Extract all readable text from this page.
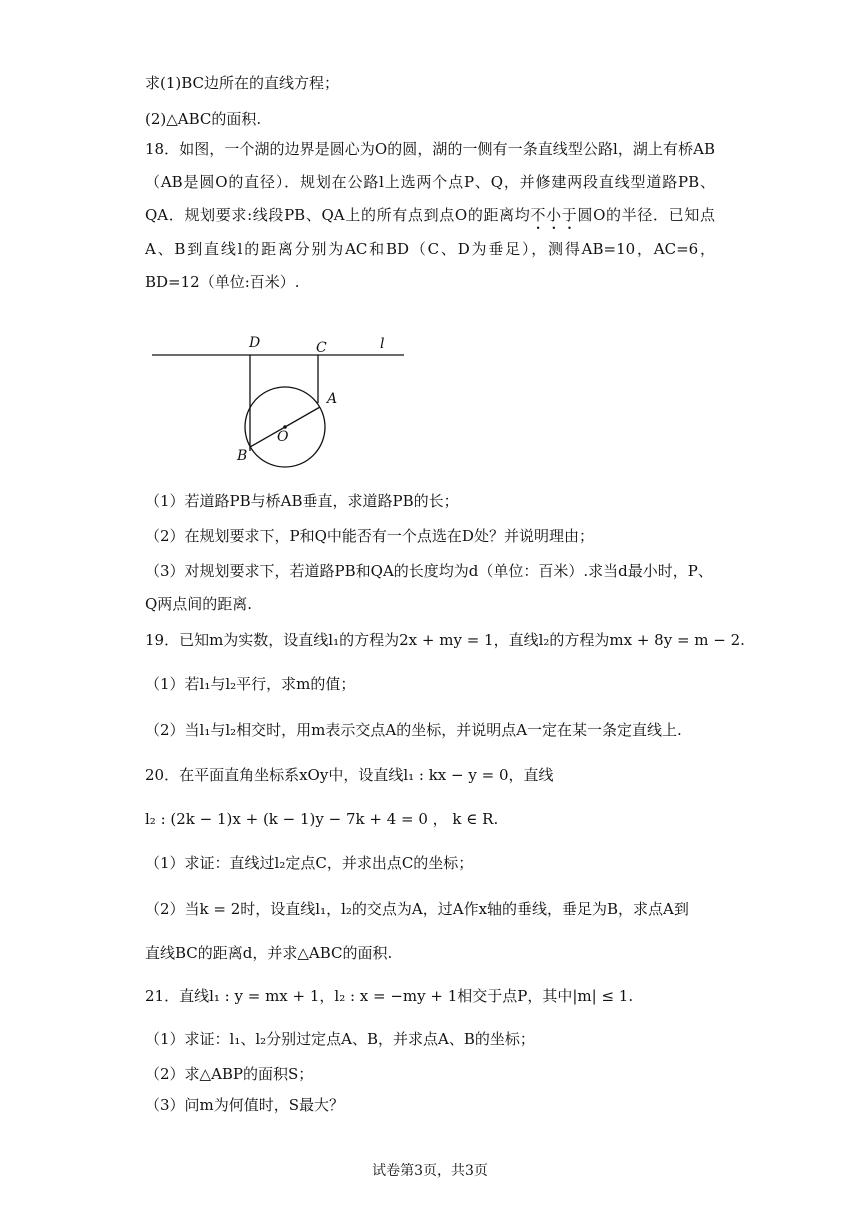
求(1)BC边所在的直线方程；
(2)△ABC的面积.
18．如图，一个湖的边界是圆心为O的圆，湖的一侧有一条直线型公路l，湖上有桥AB（AB是圆O的直径）．规划在公路l上选两个点P、Q，并修建两段直线型道路PB、QA．规划要求:线段PB、QA上的所有点到点O的距离均不小于圆O的半径．已知点A、B到直线l的距离分别为AC和BD（C、D为垂足），测得AB=10，AC=6，BD=12（单位:百米）.
D	C	l
A
O
B
（1）若道路PB与桥AB垂直，求道路PB的长；
（2）在规划要求下，P和Q中能否有一个点选在D处？并说明理由；
（3）对规划要求下，若道路PB和QA的长度均为d（单位：百米）.求当d最小时，P、
Q两点间的距离.
19．已知m为实数，设直线l₁的方程为2x + my = 1，直线l₂的方程为mx + 8y = m − 2.
（1）若l₁与l₂平行，求m的值；
（2）当l₁与l₂相交时，用m表示交点A的坐标，并说明点A一定在某一条定直线上.
20．在平面直角坐标系xOy中，设直线l₁ : kx − y = 0，直线
l₂ : (2k − 1)x + (k − 1)y − 7k + 4 = 0 ， k ∈ R.
（1）求证：直线过l₂定点C，并求出点C的坐标；
（2）当k = 2时，设直线l₁，l₂的交点为A，过A作x轴的垂线，垂足为B，求点A到
直线BC的距离d，并求△ABC的面积.
21．直线l₁ : y = mx + 1，l₂ : x = −my + 1相交于点P，其中|m| ≤ 1.
（1）求证：l₁、l₂分别过定点A、B，并求点A、B的坐标；
（2）求△ABP的面积S；
（3）问m为何值时，S最大？
试卷第3页，共3页
